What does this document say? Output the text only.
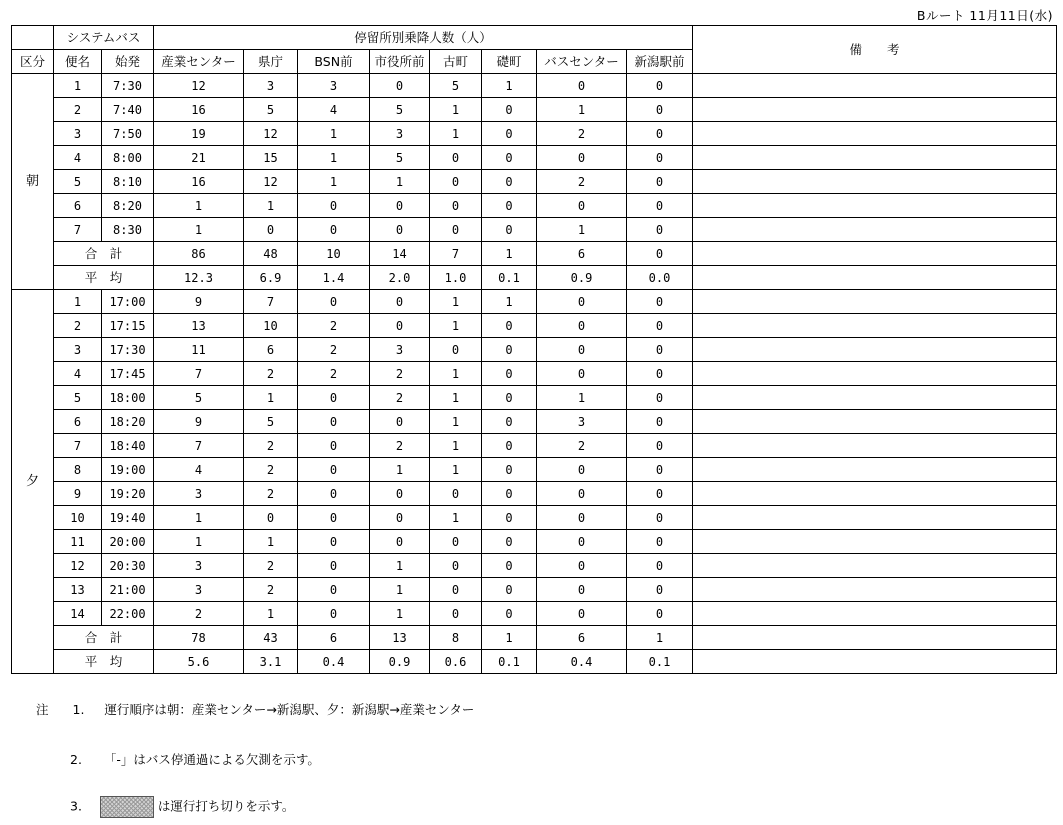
Bルート 11月11日(水)
	システムバス		停留所別乗降人数（人）								備　　考
区分	便名	始発	産業センター	県庁	BSN前	市役所前	古町	礎町	バスセンター	新潟駅前	
朝	1	7:30	12	3	3	0	5	1	0	0	
	2	7:40	16	5	4	5	1	0	1	0	
	3	7:50	19	12	1	3	1	0	2	0	
	4	8:00	21	15	1	5	0	0	0	0	
	5	8:10	16	12	1	1	0	0	2	0	
	6	8:20	1	1	0	0	0	0	0	0	
	7	8:30	1	0	0	0	0	0	1	0	
	合　計		86	48	10	14	7	1	6	0	
	平　均		12.3	6.9	1.4	2.0	1.0	0.1	0.9	0.0	
夕	1	17:00	9	7	0	0	1	1	0	0	
	2	17:15	13	10	2	0	1	0	0	0	
	3	17:30	11	6	2	3	0	0	0	0	
	4	17:45	7	2	2	2	1	0	0	0	
	5	18:00	5	1	0	2	1	0	1	0	
	6	18:20	9	5	0	0	1	0	3	0	
	7	18:40	7	2	0	2	1	0	2	0	
	8	19:00	4	2	0	1	1	0	0	0	
	9	19:20	3	2	0	0	0	0	0	0	
	10	19:40	1	0	0	0	1	0	0	0	
	11	20:00	1	1	0	0	0	0	0	0	
	12	20:30	3	2	0	1	0	0	0	0	
	13	21:00	3	2	0	1	0	0	0	0	
	14	22:00	2	1	0	1	0	0	0	0	
	合　計		78	43	6	13	8	1	6	1	
	平　均		5.6	3.1	0.4	0.9	0.6	0.1	0.4	0.1	
注 1. 運行順序は朝：産業センター→新潟駅、夕：新潟駅→産業センター
2. 「-」はバス停通過による欠測を示す。
3.	は運行打ち切りを示す。
